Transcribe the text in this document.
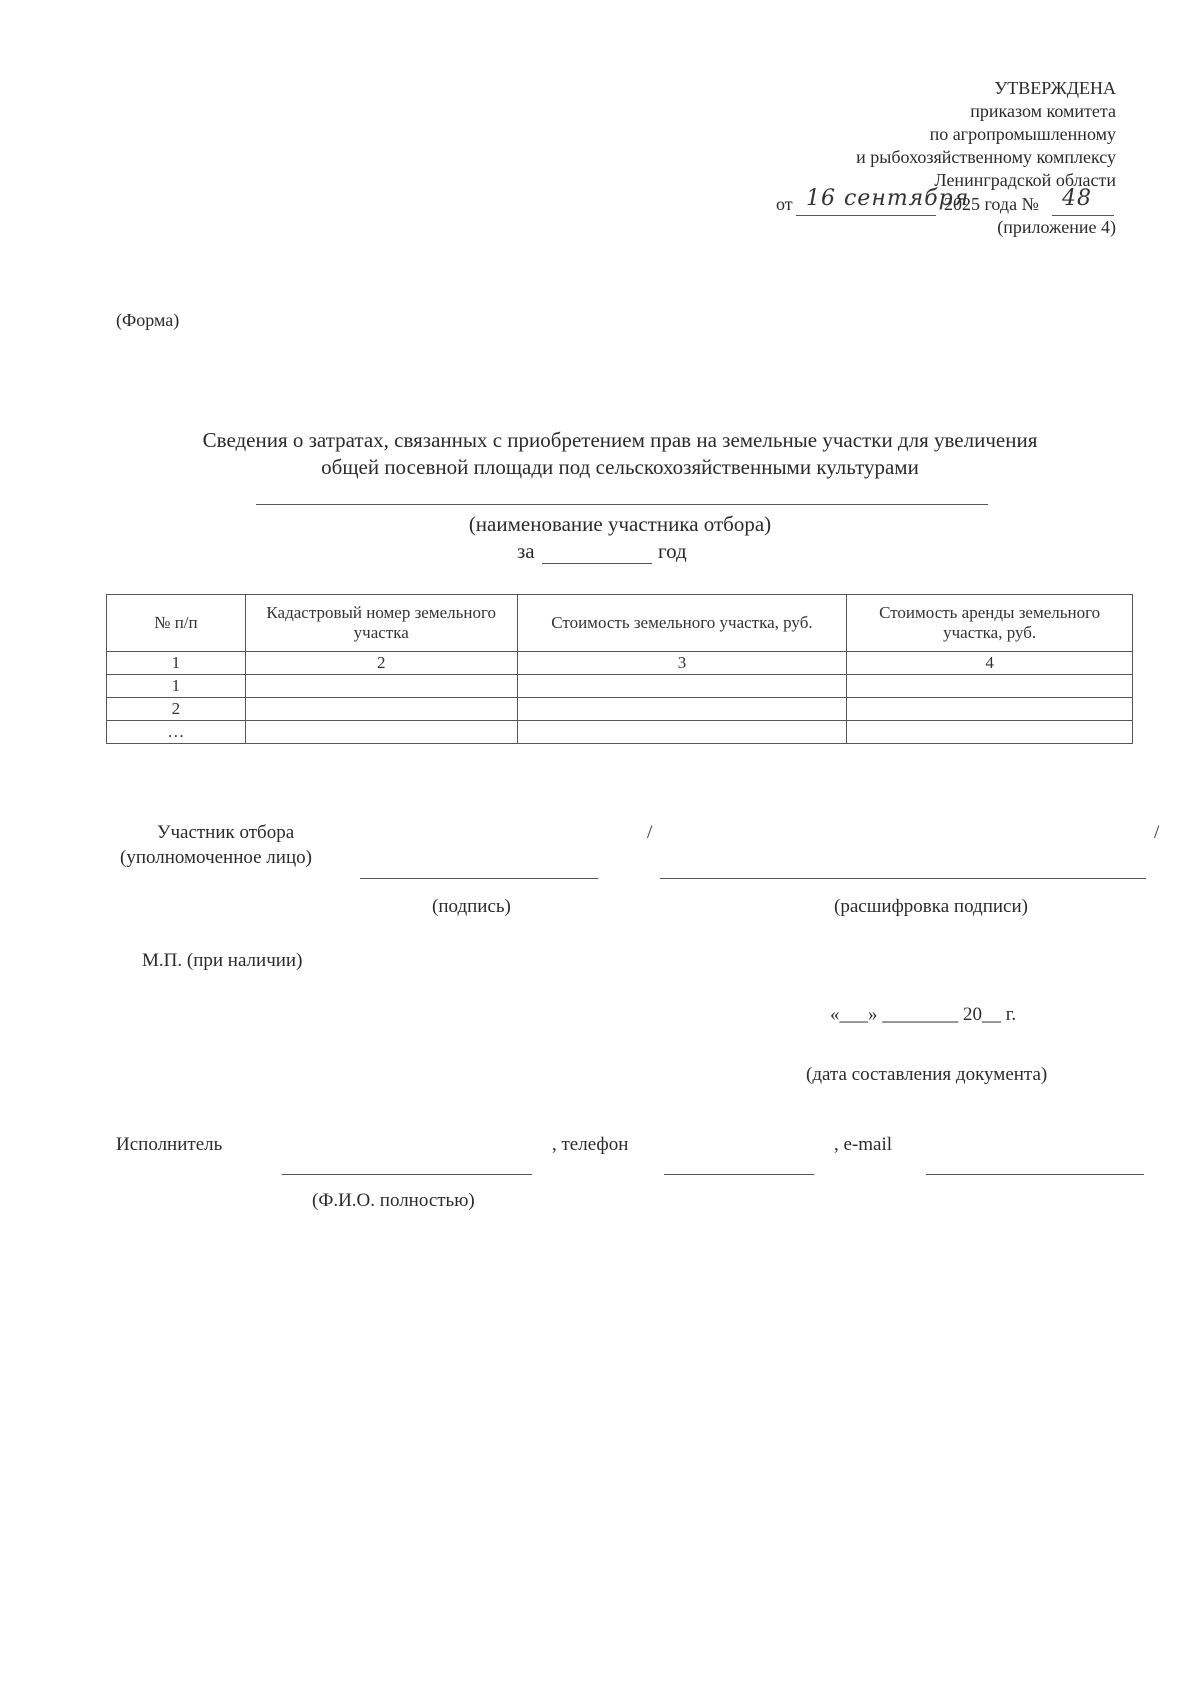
УТВЕРЖДЕНА
приказом комитета
по агропромышленному
и рыбохозяйственному комплексу
Ленинградской области
от 16 сентября
2025 года № 48
(приложение 4)
(Форма)
Сведения о затратах, связанных с приобретением прав на земельные участки для увеличения
общей посевной площади под сельскохозяйственными культурами
(наименование участника отбора)
за	год
№ п/п	Кадастровый номер земельного участка	Стоимость земельного участка, руб.	Стоимость аренды земельного участка, руб.
1	2	3	4
1			
2			
…			
Участник отбора
(уполномоченное лицо)
/	/
(подпись)	(расшифровка подписи)
М.П. (при наличии)
«___» ________ 20__ г.
(дата составления документа)
Исполнитель	, телефон	, e-mail
(Ф.И.О. полностью)
